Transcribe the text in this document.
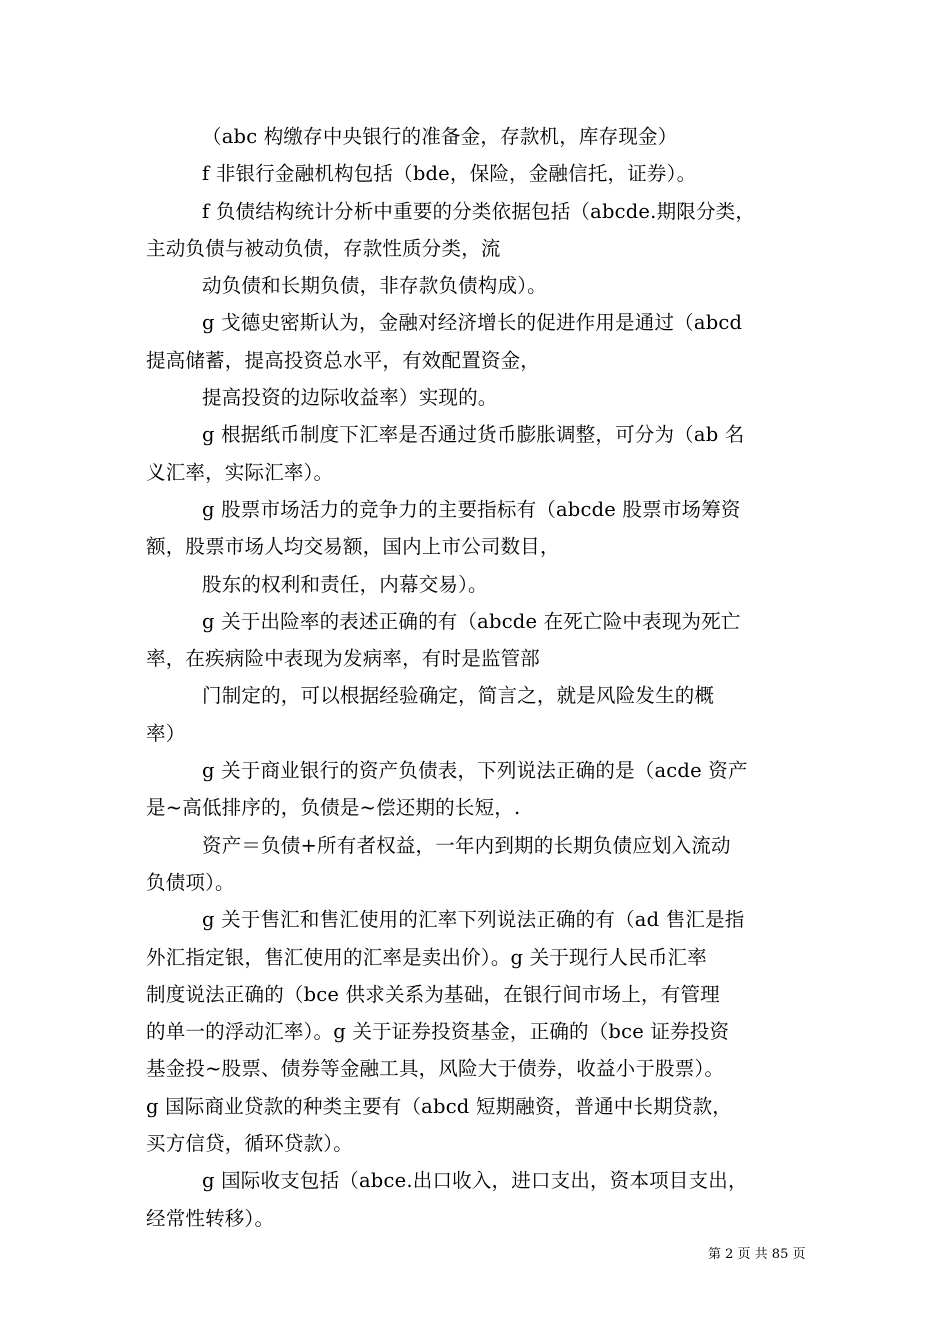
（abc 构缴存中央银行的准备金，存款机，库存现金）
f 非银行金融机构包括（bde，保险，金融信托，证券）。
f 负债结构统计分析中重要的分类依据包括（abcde.期限分类，
主动负债与被动负债，存款性质分类，流
动负债和长期负债，非存款负债构成）。
g 戈德史密斯认为，金融对经济增长的促进作用是通过（abcd
提高储蓄，提高投资总水平，有效配置资金，
提高投资的边际收益率）实现的。
g 根据纸币制度下汇率是否通过货币膨胀调整，可分为（ab 名
义汇率，实际汇率）。
g 股票市场活力的竞争力的主要指标有（abcde 股票市场筹资
额，股票市场人均交易额，国内上市公司数目，
股东的权利和责任，内幕交易）。
g 关于出险率的表述正确的有（abcde 在死亡险中表现为死亡
率，在疾病险中表现为发病率，有时是监管部
门制定的，可以根据经验确定，简言之，就是风险发生的概
率）
g 关于商业银行的资产负债表，下列说法正确的是（acde 资产
是~高低排序的，负债是~偿还期的长短，.
资产＝负债+所有者权益，一年内到期的长期负债应划入流动
负债项）。
g 关于售汇和售汇使用的汇率下列说法正确的有（ad 售汇是指
外汇指定银，售汇使用的汇率是卖出价）。g 关于现行人民币汇率
制度说法正确的（bce 供求关系为基础，在银行间市场上，有管理
的单一的浮动汇率）。g 关于证券投资基金，正确的（bce 证券投资
基金投~股票、债券等金融工具，风险大于债券，收益小于股票）。
g 国际商业贷款的种类主要有（abcd 短期融资，普通中长期贷款，
买方信贷，循环贷款）。
g 国际收支包括（abce.出口收入，进口支出，资本项目支出，
经常性转移）。
第 2 页 共 85 页
